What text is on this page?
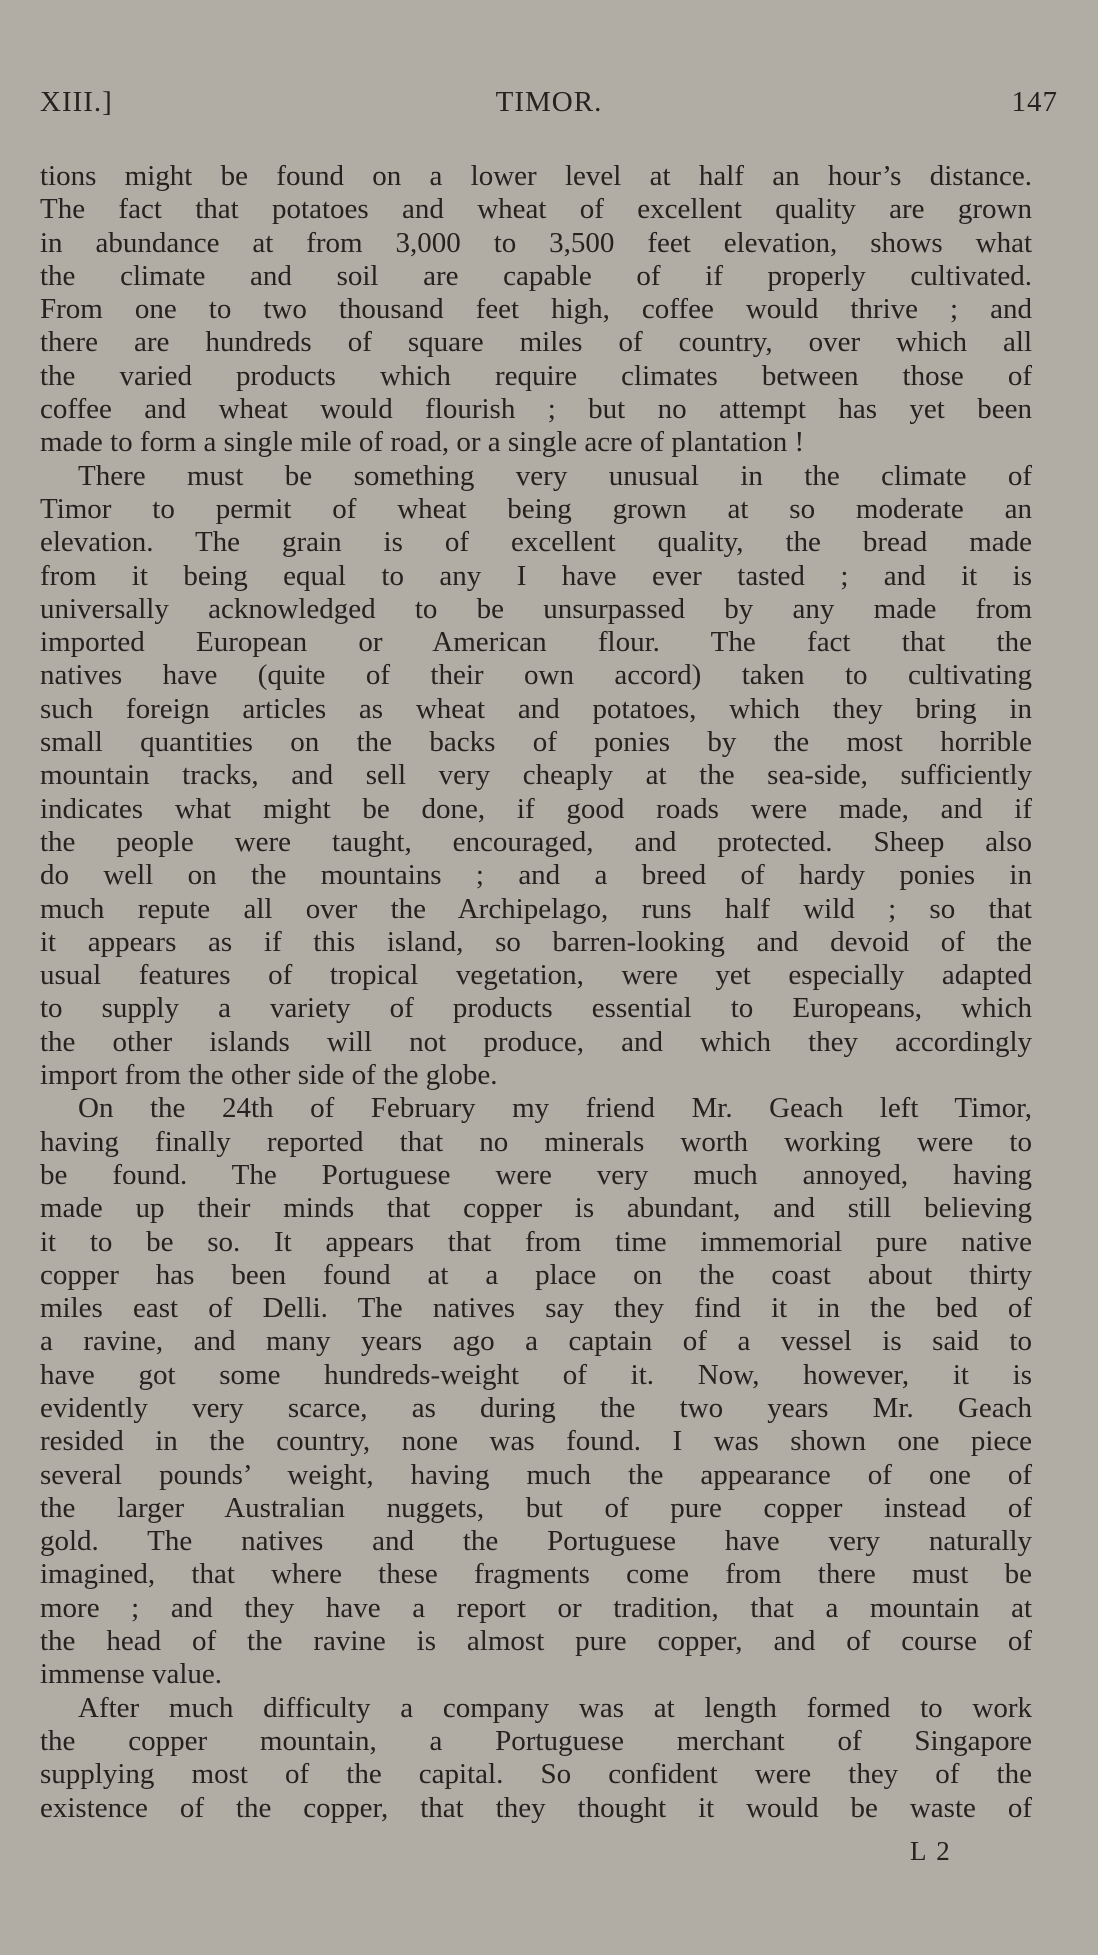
XIII.]	TIMOR.	147
tions might be found on a lower level at half an hour’s distance.
The fact that potatoes and wheat of excellent quality are grown
in abundance at from 3,000 to 3,500 feet elevation, shows what
the climate and soil are capable of if properly cultivated.
From one to two thousand feet high, coffee would thrive ; and
there are hundreds of square miles of country, over which all
the varied products which require climates between those of
coffee and wheat would flourish ; but no attempt has yet been
made to form a single mile of road, or a single acre of plantation !
There must be something very unusual in the climate of
Timor to permit of wheat being grown at so moderate an
elevation. The grain is of excellent quality, the bread made
from it being equal to any I have ever tasted ; and it is
universally acknowledged to be unsurpassed by any made from
imported European or American flour. The fact that the
natives have (quite of their own accord) taken to cultivating
such foreign articles as wheat and potatoes, which they bring in
small quantities on the backs of ponies by the most horrible
mountain tracks, and sell very cheaply at the sea-side, sufficiently
indicates what might be done, if good roads were made, and if
the people were taught, encouraged, and protected. Sheep also
do well on the mountains ; and a breed of hardy ponies in
much repute all over the Archipelago, runs half wild ; so that
it appears as if this island, so barren-looking and devoid of the
usual features of tropical vegetation, were yet especially adapted
to supply a variety of products essential to Europeans, which
the other islands will not produce, and which they accordingly
import from the other side of the globe.
On the 24th of February my friend Mr. Geach left Timor,
having finally reported that no minerals worth working were to
be found. The Portuguese were very much annoyed, having
made up their minds that copper is abundant, and still believing
it to be so. It appears that from time immemorial pure native
copper has been found at a place on the coast about thirty
miles east of Delli. The natives say they find it in the bed of
a ravine, and many years ago a captain of a vessel is said to
have got some hundreds-weight of it. Now, however, it is
evidently very scarce, as during the two years Mr. Geach
resided in the country, none was found. I was shown one piece
several pounds’ weight, having much the appearance of one of
the larger Australian nuggets, but of pure copper instead of
gold. The natives and the Portuguese have very naturally
imagined, that where these fragments come from there must be
more ; and they have a report or tradition, that a mountain at
the head of the ravine is almost pure copper, and of course of
immense value.
After much difficulty a company was at length formed to work
the copper mountain, a Portuguese merchant of Singapore
supplying most of the capital. So confident were they of the
existence of the copper, that they thought it would be waste of
L 2
